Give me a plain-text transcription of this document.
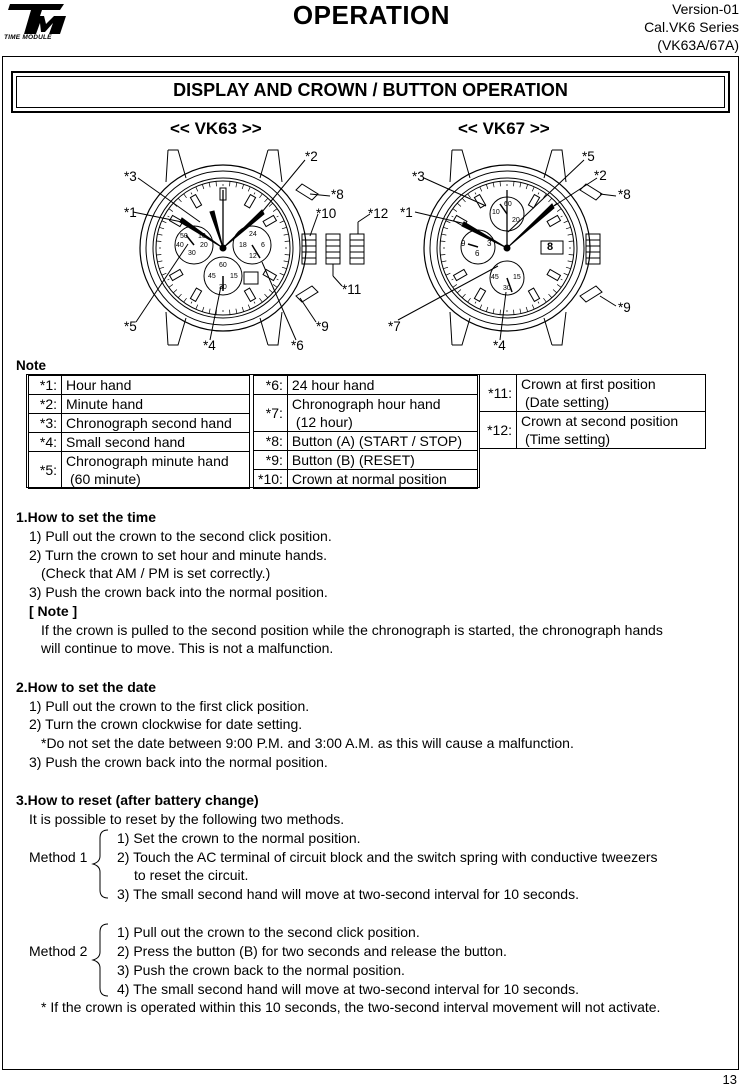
TIME MODULE
OPERATION	Version-01
Cal.VK6 Series
(VK63A/67A)
DISPLAY AND CROWN / BUTTON OPERATION
<< VK63 >>	<< VK67 >>
50 10
40 20
30
24
18 6
12
60
45 15
30
60
10
20
9
6
3
45 15
30
8
*3
*1
*2
*8
*10 *12
*11
*9
*6
*4
*5
*3
*1
*5
*2
*8
*9
*7
*4
Note
*1:	Hour hand
*2:	Minute hand
*3:	Chronograph second hand
*4:	Small second hand
*5:	Chronograph minute hand
(60 minute)
*6:	24 hour hand
*7:	Chronograph hour hand
(12 hour)

*8:	Button (A) (START / STOP)
*9:	Button (B) (RESET)
*10:	Crown at normal position
*11:	Crown at first position
(Date setting)

*12:	Crown at second position
(Time setting)
1.How to set the time
1) Pull out the crown to the second click position.
2) Turn the crown to set hour and minute hands.
(Check that AM / PM is set correctly.)
3) Push the crown back into the normal position.
[ Note ]
If the crown is pulled to the second position while the chronograph is started, the chronograph hands
will continue to move. This is not a malfunction.
2.How to set the date
1) Pull out the crown to the first click position.
2) Turn the crown clockwise for date setting.
*Do not set the date between 9:00 P.M. and 3:00 A.M. as this will cause a malfunction.
3) Push the crown back into the normal position.
3.How to reset (after battery change)
It is possible to reset by the following two methods.
Method 1
1) Set the crown to the normal position.
2) Touch the AC terminal of circuit block and the switch spring with conductive tweezers
to reset the circuit.
3) The small second hand will move at two-second interval for 10 seconds.
Method 2
1) Pull out the crown to the second click position.
2) Press the button (B) for two seconds and release the button.
3) Push the crown back to the normal position.
4) The small second hand will move at two-second interval for 10 seconds.
* If the crown is operated within this 10 seconds, the two-second interval movement will not activate.
13
